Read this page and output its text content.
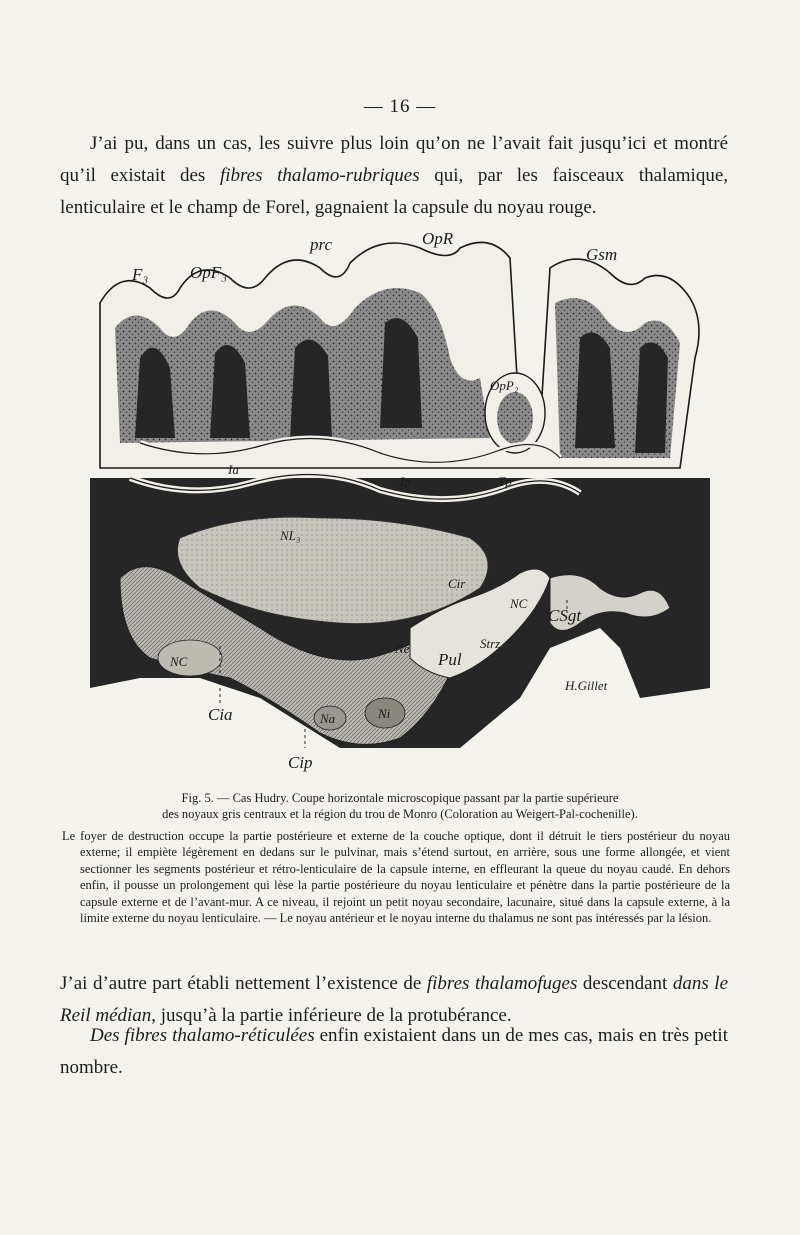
— 16 —

J’ai pu, dans un cas, les suivre plus loin qu’on ne l’avait fait jusqu’ici et montré qu’il existait des fibres thalamo-rubriques qui, par les faisceaux thalamique, lenticulaire et le champ de Forel, gagnaient la capsule du noyau rouge.

F₃ OpF₃
prc	OpR
Gsm
OpP₂
Ia
Ip	Tp
NL₃
Cir
NC
CSgt
Strz
Ne
Pul
NC
Cia	Na	Ni
Cip
H.Gillet

Fig. 5. — Cas Hudry. Coupe horizontale microscopique passant par la partie supérieure
des noyaux gris centraux et la région du trou de Monro (Coloration au Weigert-Pal-cochenille).

Le foyer de destruction occupe la partie postérieure et externe de la couche optique, dont il détruit le tiers postérieur du noyau externe; il empiète légèrement en dedans sur le pulvinar, mais s’étend surtout, en arrière, sous une forme allongée, et vient sectionner les segments postérieur et rétro-lenticulaire de la capsule interne, en effleurant la queue du noyau caudé. En dehors enfin, il pousse un prolongement qui lèse la partie postérieure du noyau lenticulaire et pénètre dans la partie postérieure de la capsule externe et de l’avant-mur. A ce niveau, il rejoint un petit noyau secondaire, lacunaire, situé dans la capsule externe, à la limite externe du noyau lenticulaire. — Le noyau antérieur et le noyau interne du thalamus ne sont pas intéressés par la lésion.

J’ai d’autre part établi nettement l’existence de fibres thalamofuges descendant dans le Reil médian, jusqu’à la partie inférieure de la protubérance.

Des fibres thalamo-réticulées enfin existaient dans un de mes cas, mais en très petit nombre.
